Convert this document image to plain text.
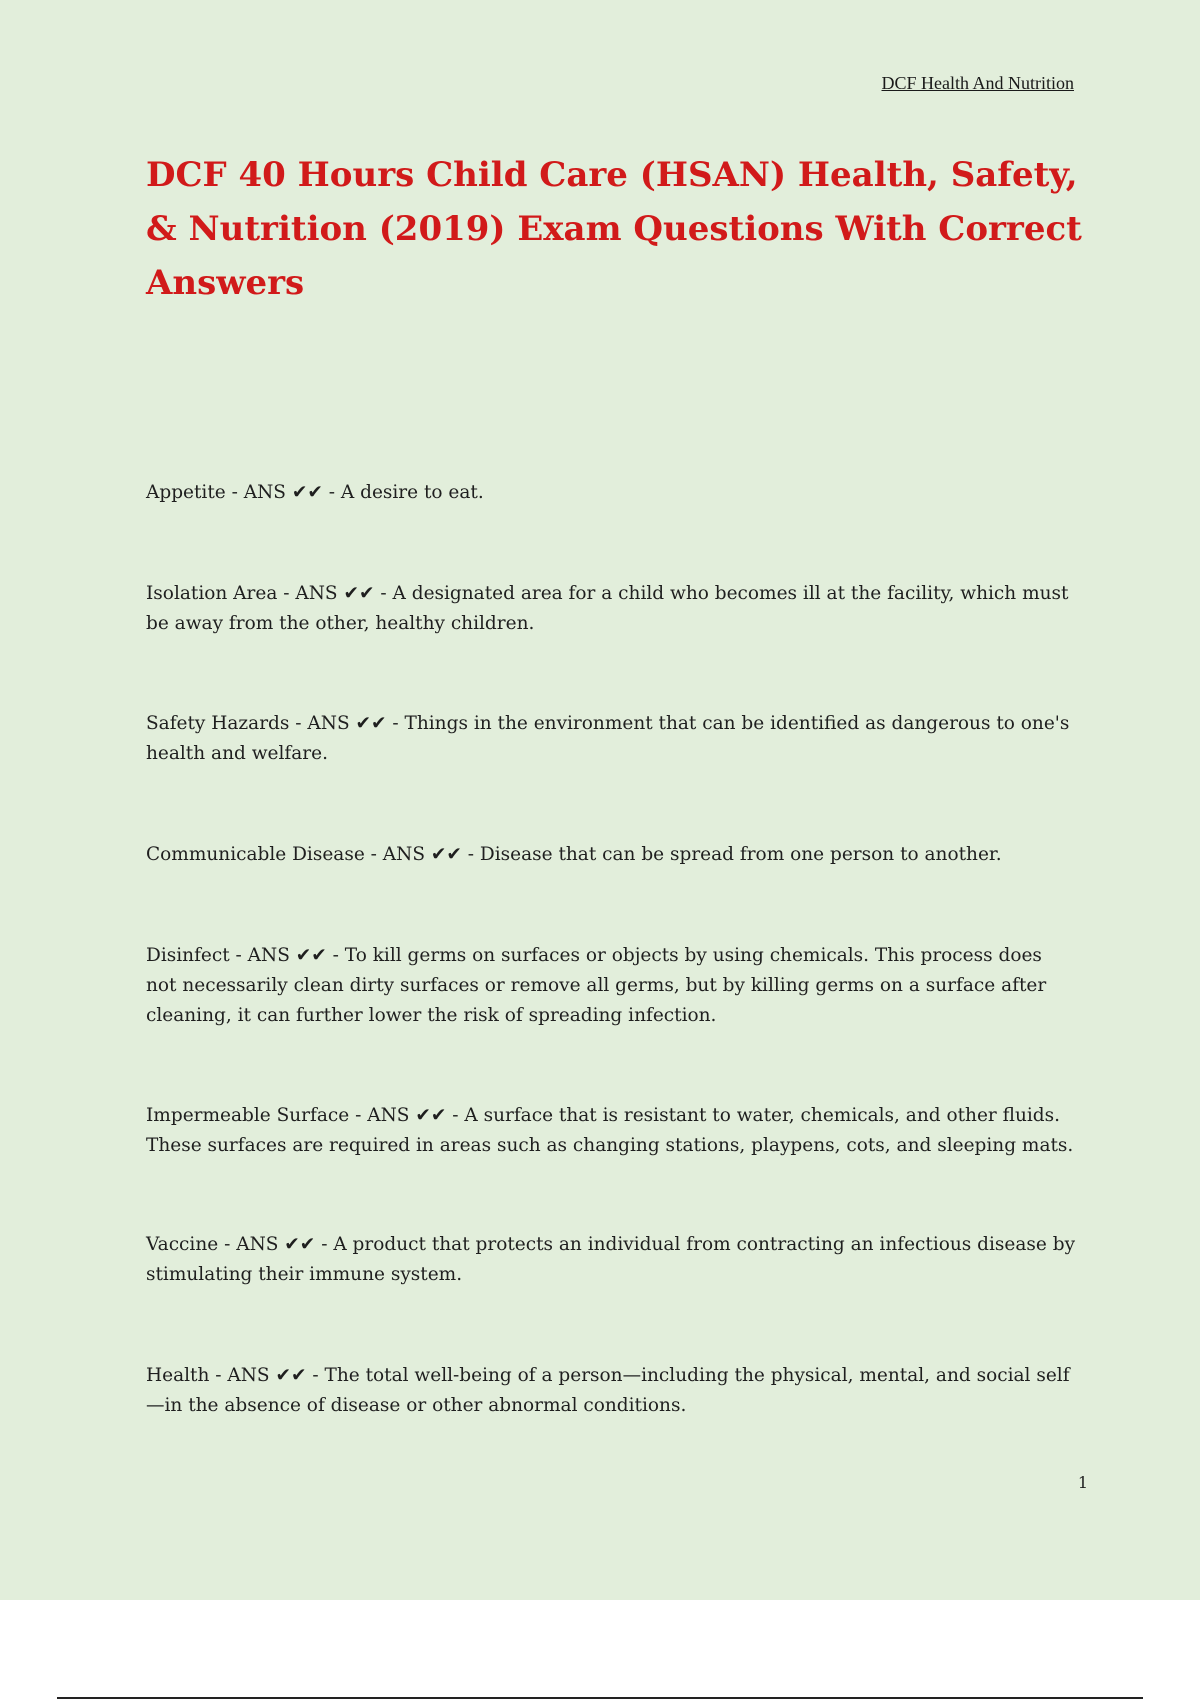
DCF Health And Nutrition
DCF 40 Hours Child Care (HSAN) Health, Safety, & Nutrition (2019) Exam Questions With Correct Answers

Appetite - ANS ✔✔ - A desire to eat.

Isolation Area - ANS ✔✔ - A designated area for a child who becomes ill at the facility, which must be away from the other, healthy children.

Safety Hazards - ANS ✔✔ - Things in the environment that can be identified as dangerous to one's health and welfare.

Communicable Disease - ANS ✔✔ - Disease that can be spread from one person to another.

Disinfect - ANS ✔✔ - To kill germs on surfaces or objects by using chemicals. This process does not necessarily clean dirty surfaces or remove all germs, but by killing germs on a surface after cleaning, it can further lower the risk of spreading infection.

Impermeable Surface - ANS ✔✔ - A surface that is resistant to water, chemicals, and other fluids. These surfaces are required in areas such as changing stations, playpens, cots, and sleeping mats.

Vaccine - ANS ✔✔ - A product that protects an individual from contracting an infectious disease by stimulating their immune system.

Health - ANS ✔✔ - The total well-being of a person—including the physical, mental, and social self—in the absence of disease or other abnormal conditions.

1
